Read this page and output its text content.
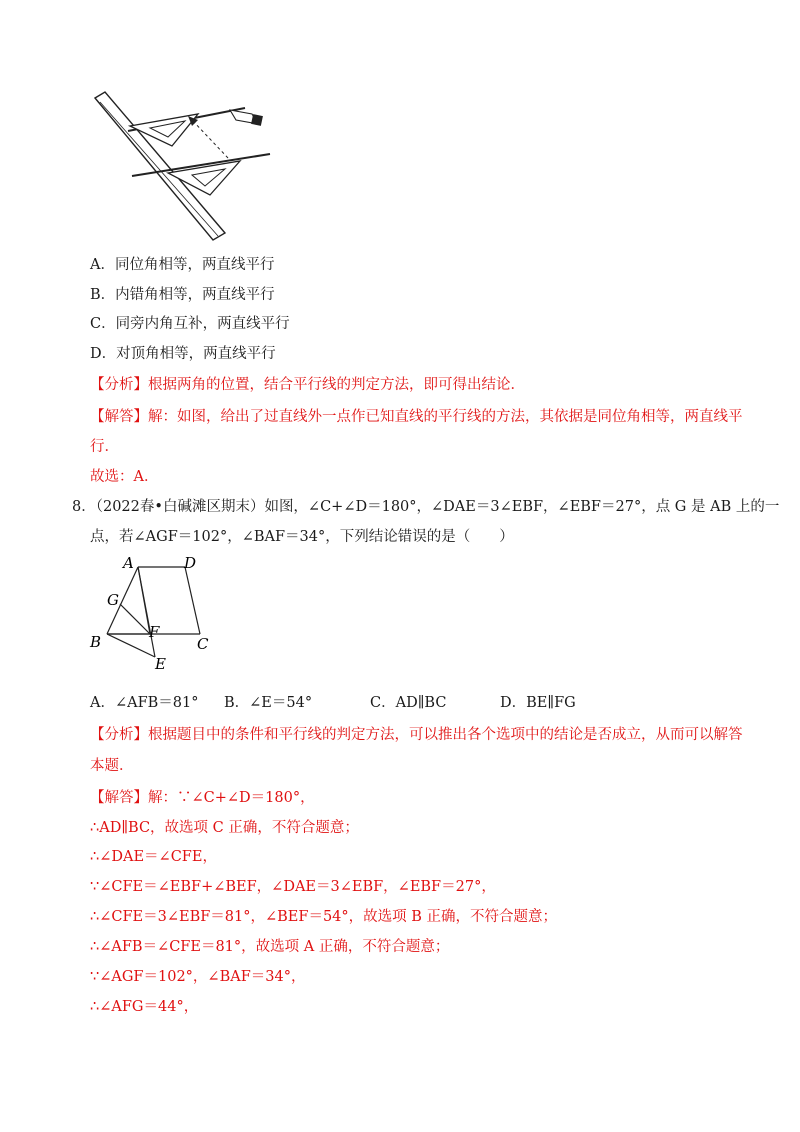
A．同位角相等，两直线平行
B．内错角相等，两直线平行
C．同旁内角互补，两直线平行
D．对顶角相等，两直线平行
【分析】根据两角的位置，结合平行线的判定方法，即可得出结论．
【解答】解：如图，给出了过直线外一点作已知直线的平行线的方法，其依据是同位角相等，两直线平
行．
故选：A．
8．（2022春•白碱滩区期末）如图，∠C+∠D＝180°，∠DAE＝3∠EBF，∠EBF＝27°，点 G 是 AB 上的一
点，若∠AGF＝102°，∠BAF＝34°，下列结论错误的是（　　）
A	D
G
B
F
C
E
A．∠AFB＝81° B．∠E＝54°	C．AD∥BC	D．BE∥FG
【分析】根据题目中的条件和平行线的判定方法，可以推出各个选项中的结论是否成立，从而可以解答
本题．
【解答】解：∵∠C+∠D＝180°，
∴AD∥BC，故选项 C 正确，不符合题意；
∴∠DAE＝∠CFE，
∵∠CFE＝∠EBF+∠BEF，∠DAE＝3∠EBF，∠EBF＝27°，
∴∠CFE＝3∠EBF＝81°，∠BEF＝54°，故选项 B 正确，不符合题意；
∴∠AFB＝∠CFE＝81°，故选项 A 正确，不符合题意；
∵∠AGF＝102°，∠BAF＝34°，
∴∠AFG＝44°，
